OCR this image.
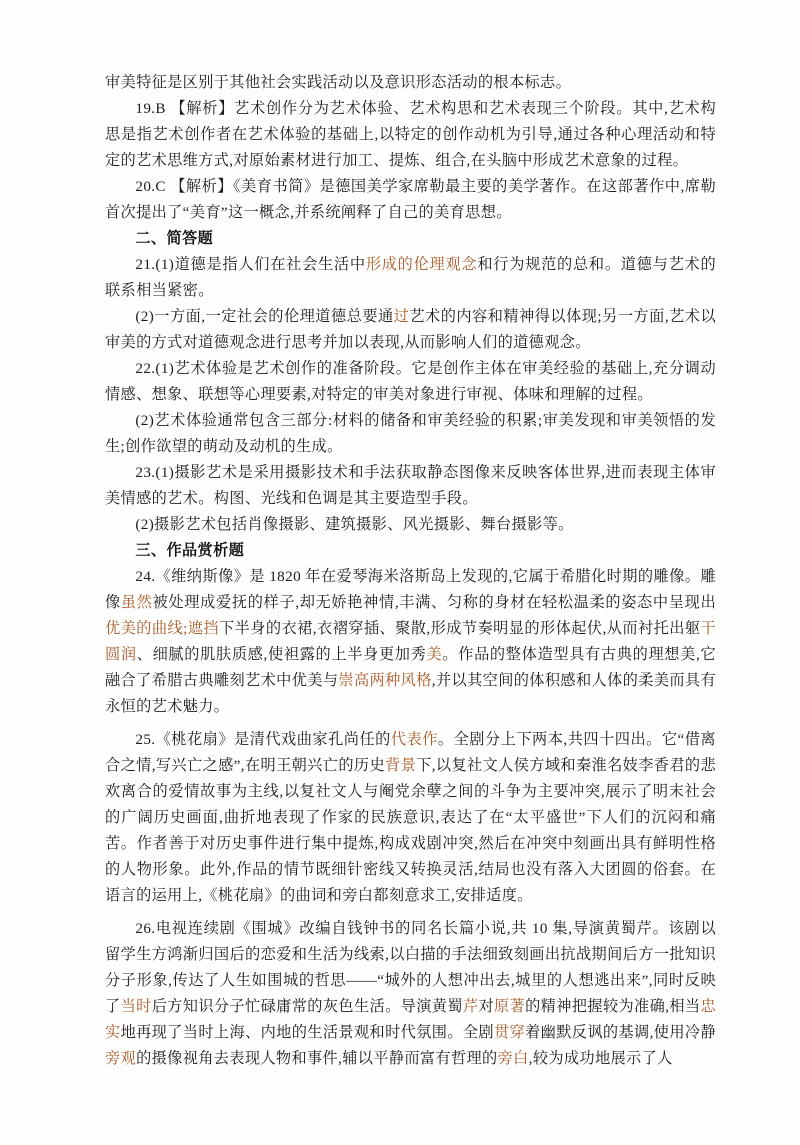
审美特征是区别于其他社会实践活动以及意识形态活动的根本标志。
19.B 【解析】艺术创作分为艺术体验、艺术构思和艺术表现三个阶段。其中,艺术构思是指艺术创作者在艺术体验的基础上,以特定的创作动机为引导,通过各种心理活动和特定的艺术思维方式,对原始素材进行加工、提炼、组合,在头脑中形成艺术意象的过程。
20.C 【解析】《美育书简》是德国美学家席勒最主要的美学著作。在这部著作中,席勒首次提出了“美育”这一概念,并系统阐释了自己的美育思想。
二、简答题
21.(1)道德是指人们在社会生活中形成的伦理观念和行为规范的总和。道德与艺术的联系相当紧密。
(2)一方面,一定社会的伦理道德总要通过艺术的内容和精神得以体现;另一方面,艺术以审美的方式对道德观念进行思考并加以表现,从而影响人们的道德观念。
22.(1)艺术体验是艺术创作的准备阶段。它是创作主体在审美经验的基础上,充分调动情感、想象、联想等心理要素,对特定的审美对象进行审视、体味和理解的过程。
(2)艺术体验通常包含三部分:材料的储备和审美经验的积累;审美发现和审美领悟的发生;创作欲望的萌动及动机的生成。
23.(1)摄影艺术是采用摄影技术和手法获取静态图像来反映客体世界,进而表现主体审美情感的艺术。构图、光线和色调是其主要造型手段。
(2)摄影艺术包括肖像摄影、建筑摄影、风光摄影、舞台摄影等。
三、作品赏析题
24.《维纳斯像》是 1820 年在爱琴海米洛斯岛上发现的,它属于希腊化时期的雕像。雕像虽然被处理成爱抚的样子,却无娇艳神情,丰满、匀称的身材在轻松温柔的姿态中呈现出优美的曲线;遮挡下半身的衣裙,衣褶穿插、聚散,形成节奏明显的形体起伏,从而衬托出躯干圆润、细腻的肌肤质感,使袒露的上半身更加秀美。作品的整体造型具有古典的理想美,它融合了希腊古典雕刻艺术中优美与崇高两种风格,并以其空间的体积感和人体的柔美而具有永恒的艺术魅力。
25.《桃花扇》是清代戏曲家孔尚任的代表作。全剧分上下两本,共四十四出。它“借离合之情,写兴亡之感”,在明王朝兴亡的历史背景下,以复社文人侯方域和秦淮名妓李香君的悲欢离合的爱情故事为主线,以复社文人与阉党余孽之间的斗争为主要冲突,展示了明末社会的广阔历史画面,曲折地表现了作家的民族意识,表达了在“太平盛世”下人们的沉闷和痛苦。作者善于对历史事件进行集中提炼,构成戏剧冲突,然后在冲突中刻画出具有鲜明性格的人物形象。此外,作品的情节既细针密线又转换灵活,结局也没有落入大团圆的俗套。在语言的运用上,《桃花扇》的曲词和旁白都刻意求工,安排适度。
26.电视连续剧《围城》改编自钱钟书的同名长篇小说,共 10 集,导演黄蜀芹。该剧以留学生方鸿渐归国后的恋爱和生活为线索,以白描的手法细致刻画出抗战期间后方一批知识分子形象,传达了人生如围城的哲思——“城外的人想冲出去,城里的人想逃出来”,同时反映了当时后方知识分子忙碌庸常的灰色生活。导演黄蜀芹对原著的精神把握较为准确,相当忠实地再现了当时上海、内地的生活景观和时代氛围。全剧贯穿着幽默反讽的基调,使用冷静旁观的摄像视角去表现人物和事件,辅以平静而富有哲理的旁白,较为成功地展示了人
